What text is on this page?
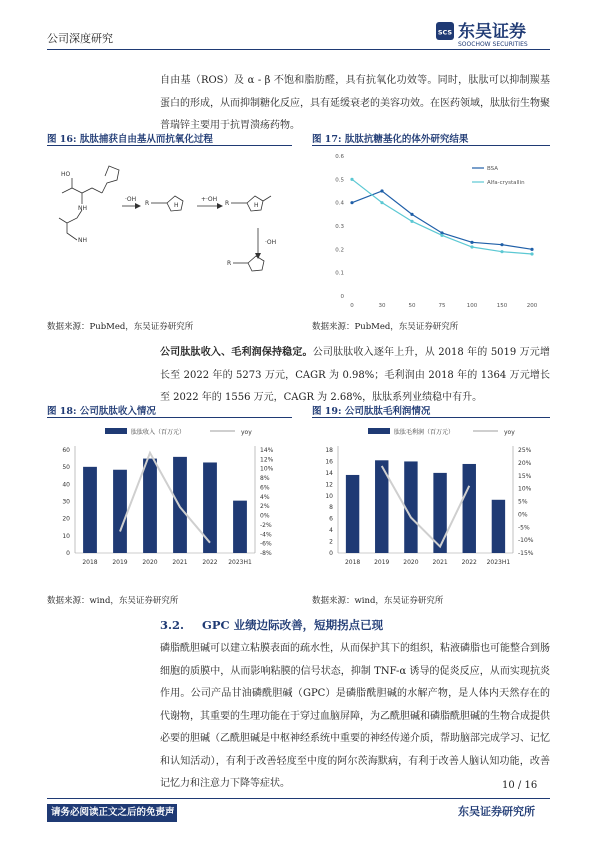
公司深度研究	SCS 东吴证券
SOOCHOW SECURITIES
自由基（ROS）及 α - β 不饱和脂肪醛，具有抗氧化功效等。同时，肽肽可以抑制羰基蛋白的形成，从而抑制糖化反应，具有延缓衰老的美容功效。在医药领域，肽肽衍生物聚普瑞锌主要用于抗胃溃疡药物。
图 16: 肽肽捕获自由基从而抗氧化过程
HO
NH
NH
·OH	+·OH
·OH
R	R
R
H	H
数据来源：PubMed，东吴证券研究所
图 17: 肽肽抗糖基化的体外研究结果
0
0.1
0.2
0.3
0.4
0.5
0.6
0	30	50	75	100	150	200
BSA
Alfa-crystallin
数据来源：PubMed，东吴证券研究所
公司肽肽收入、毛利润保持稳定。公司肽肽收入逐年上升，从 2018 年的 5019 万元增长至 2022 年的 5273 万元，CAGR 为 0.98%；毛利润由 2018 年的 1364 万元增长至 2022 年的 1556 万元，CAGR 为 2.68%，肽肽系列业绩稳中有升。
图 18: 公司肽肽收入情况
0
10
20
30
40
50
60	14%
12%
10%
8%
6%
4%
2%
0%
-2%
-4%
-6%
-8%
2018 2019 2020 2021 2022 2023H1
肽肽收入（百万元）	yoy
数据来源：wind，东吴证券研究所
图 19: 公司肽肽毛利润情况
0
2
4
6
8
10
12
14
16
18	25%
20%
15%
10%
5%
0%
-5%
-10%
-15%
2018 2019 2020 2021 2022 2023H1
肽肽毛利润（百万元）	yoy
数据来源：wind，东吴证券研究所
3.2. GPC 业绩边际改善，短期拐点已现
磷脂酰胆碱可以建立粘膜表面的疏水性，从而保护其下的组织，粘液磷脂也可能整合到肠细胞的质膜中，从而影响粘膜的信号状态，抑制 TNF-α 诱导的促炎反应，从而实现抗炎作用。公司产品甘油磷酰胆碱（GPC）是磷脂酰胆碱的水解产物，是人体内天然存在的代谢物，其重要的生理功能在于穿过血脑屏障，为乙酰胆碱和磷脂酰胆碱的生物合成提供必要的胆碱（乙酰胆碱是中枢神经系统中重要的神经传递介质，帮助脑部完成学习、记忆和认知活动），有利于改善轻度至中度的阿尔茨海默病，有利于改善人脑认知功能，改善记忆力和注意力下降等症状。	10 / 16
请务必阅读正文之后的免责声明部分
东吴证券研究所
